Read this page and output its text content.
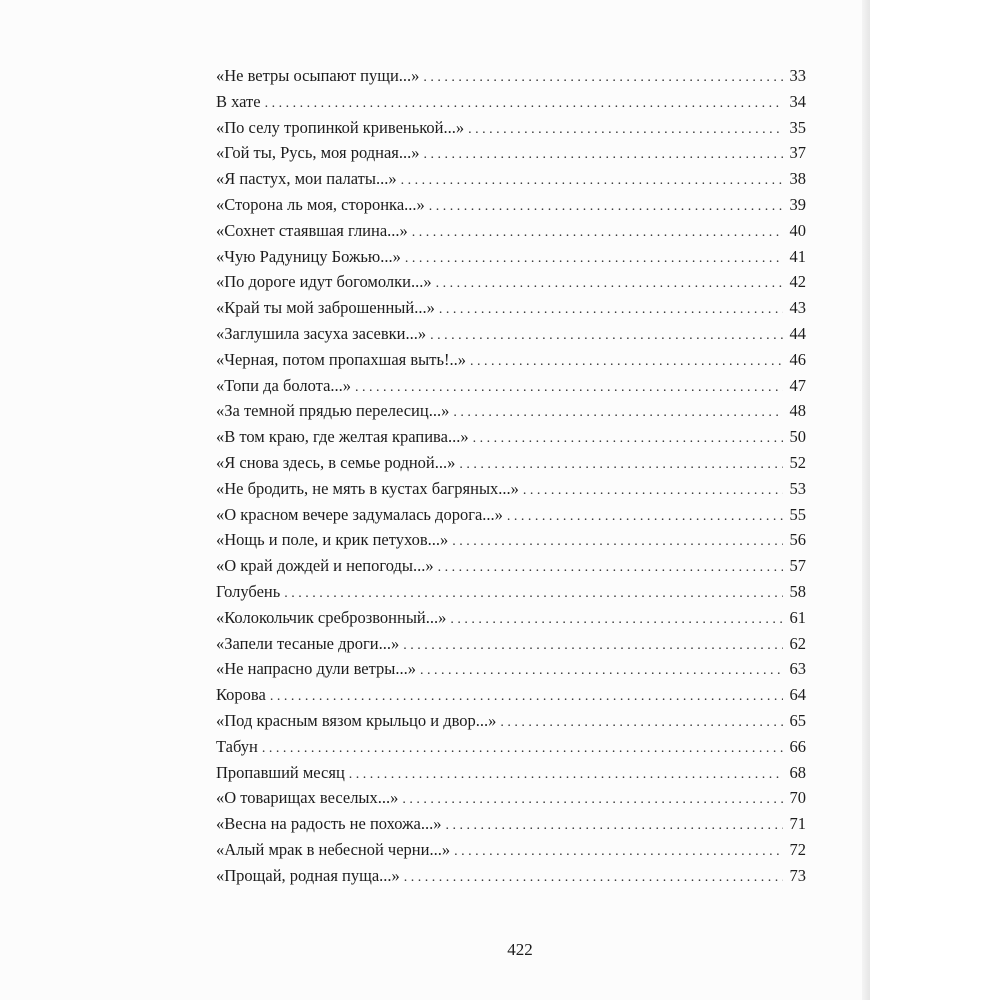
«Не ветры осыпают пущи...» . . .	33
В хате . . .	34
«По селу тропинкой кривенькой...» . . .	35
«Гой ты, Русь, моя родная...» . . .	37
«Я пастух, мои палаты...» . . .	38
«Сторона ль моя, сторонка...» . . .	39
«Сохнет стаявшая глина...» . . .	40
«Чую Радуницу Божью...» . . .	41
«По дороге идут богомолки...» . . .	42
«Край ты мой заброшенный...» . . .	43
«Заглушила засуха засевки...» . . .	44
«Черная, потом пропахшая выть!..» . . .	46
«Топи да болота...» . . .	47
«За темной прядью перелесиц...» . . .	48
«В том краю, где желтая крапива...» . . .	50
«Я снова здесь, в семье родной...» . . .	52
«Не бродить, не мять в кустах багряных...» . . .	53
«О красном вечере задумалась дорога...» . . .	55
«Нощь и поле, и крик петухов...» . . .	56
«О край дождей и непогоды...» . . .	57
Голубень . . .	58
«Колокольчик среброзвонный...» . . .	61
«Запели тесаные дроги...» . . .	62
«Не напрасно дули ветры...» . . .	63
Корова . . .	64
«Под красным вязом крыльцо и двор...» . . .	65
Табун . . .	66
Пропавший месяц . . .	68
«О товарищах веселых...» . . .	70
«Весна на радость не похожа...» . . .	71
«Алый мрак в небесной черни...» . . .	72
«Прощай, родная пуща...» . . .	73
422
